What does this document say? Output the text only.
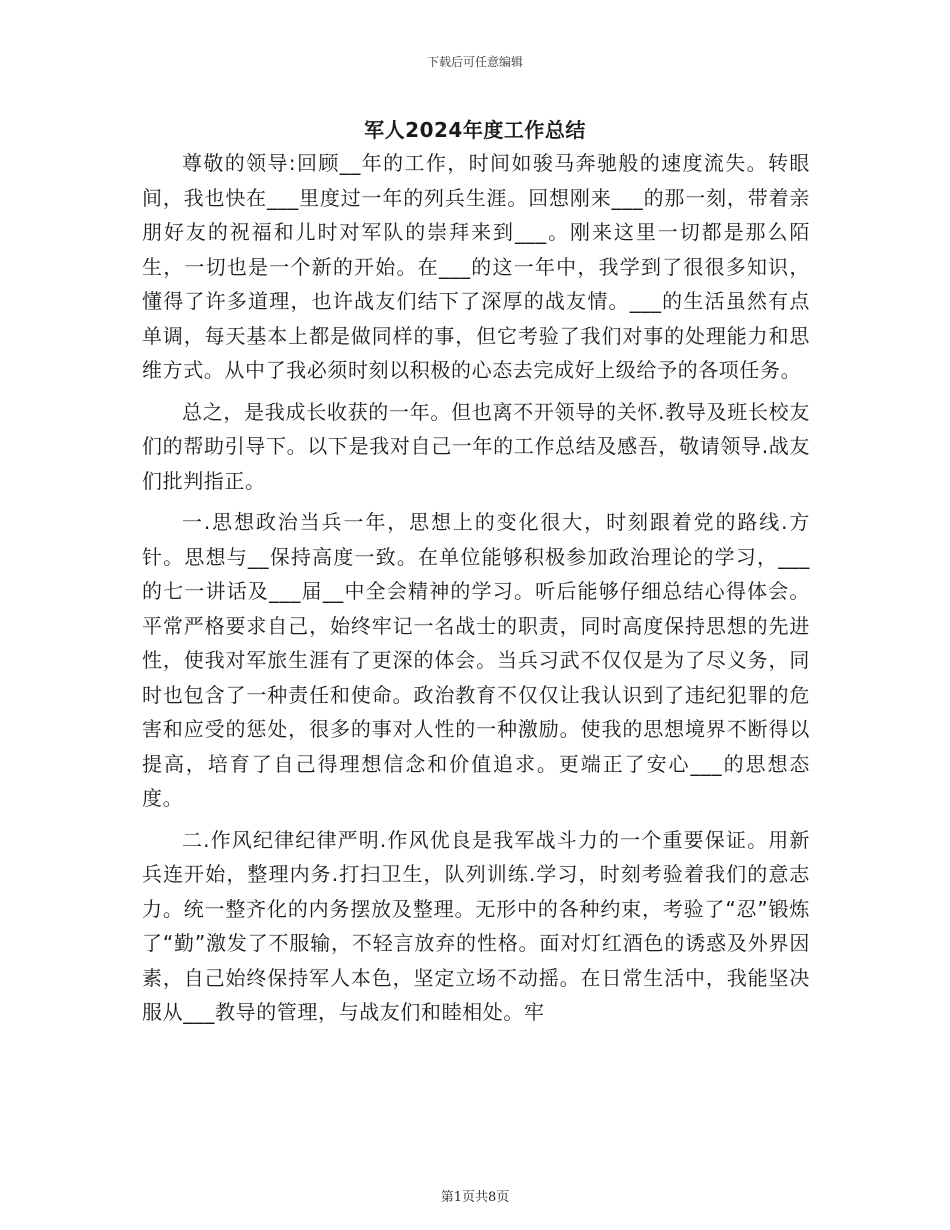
下载后可任意编辑
军人2024年度工作总结

尊敬的领导:回顾__年的工作，时间如骏马奔驰般的速度流失。转眼间，我也快在___里度过一年的列兵生涯。回想刚来___的那一刻，带着亲朋好友的祝福和儿时对军队的崇拜来到___。刚来这里一切都是那么陌生，一切也是一个新的开始。在___的这一年中，我学到了很很多知识，懂得了许多道理，也许战友们结下了深厚的战友情。___的生活虽然有点单调，每天基本上都是做同样的事，但它考验了我们对事的处理能力和思维方式。从中了我必须时刻以积极的心态去完成好上级给予的各项任务。

总之，是我成长收获的一年。但也离不开领导的关怀.教导及班长校友们的帮助引导下。以下是我对自己一年的工作总结及感吾，敬请领导.战友们批判指正。

一.思想政治当兵一年，思想上的变化很大，时刻跟着党的路线.方针。思想与__保持高度一致。在单位能够积极参加政治理论的学习，___的七一讲话及___届__中全会精神的学习。听后能够仔细总结心得体会。平常严格要求自己，始终牢记一名战士的职责，同时高度保持思想的先进性，使我对军旅生涯有了更深的体会。当兵习武不仅仅是为了尽义务，同时也包含了一种责任和使命。政治教育不仅仅让我认识到了违纪犯罪的危害和应受的惩处，很多的事对人性的一种激励。使我的思想境界不断得以提高，培育了自己得理想信念和价值追求。更端正了安心___的思想态度。

二.作风纪律纪律严明.作风优良是我军战斗力的一个重要保证。用新兵连开始，整理内务.打扫卫生，队列训练.学习，时刻考验着我们的意志力。统一整齐化的内务摆放及整理。无形中的各种约束，考验了“忍”锻炼了“勤”激发了不服输，不轻言放弃的性格。面对灯红酒色的诱惑及外界因素，自己始终保持军人本色，坚定立场不动摇。在日常生活中，我能坚决服从___教导的管理，与战友们和睦相处。牢

第1页共8页
